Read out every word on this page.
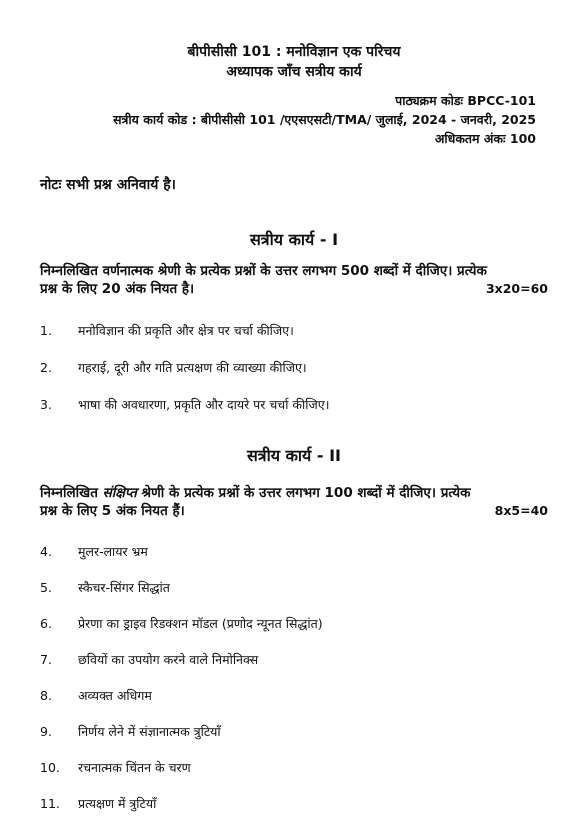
बीपीसीसी 101 : मनोविज्ञान एक परिचय
अध्यापक जाँच सत्रीय कार्य
पाठ्यक्रम कोडः BPCC-101
सत्रीय कार्य कोड : बीपीसीसी 101 /एएसएसटी/TMA/ जुलाई, 2024 - जनवरी, 2025
अधिकतम अंकः 100
नोटः सभी प्रश्न अनिवार्य है।
सत्रीय कार्य - I
निम्नलिखित वर्णनात्मक श्रेणी के प्रत्येक प्रश्नों के उत्तर लगभग 500 शब्दों में दीजिए। प्रत्येक
प्रश्न के लिए 20 अंक नियत है।	3x20=60
1. मनोविज्ञान की प्रकृति और क्षेत्र पर चर्चा कीजिए।
2. गहराई, दूरी और गति प्रत्यक्षण की व्याख्या कीजिए।
3. भाषा की अवधारणा, प्रकृति और दायरे पर चर्चा कीजिए।
सत्रीय कार्य - II
निम्नलिखित संक्षिप्त श्रेणी के प्रत्येक प्रश्नों के उत्तर लगभग 100 शब्दों में दीजिए। प्रत्येक
प्रश्न के लिए 5 अंक नियत हैं।	8x5=40
4. मुलर-लायर भ्रम
5. स्कैचर-सिंगर सिद्धांत
6. प्रेरणा का ड्राइव रिडक्शन मॉडल (प्रणोद न्यूनत सिद्धांत)
7. छवियों का उपयोग करने वाले निमोनिक्स
8. अव्यक्त अधिगम
9. निर्णय लेने में संज्ञानात्मक त्रुटियाँ
10. रचनात्मक चिंतन के चरण
11. प्रत्यक्षण में त्रुटियाँ
